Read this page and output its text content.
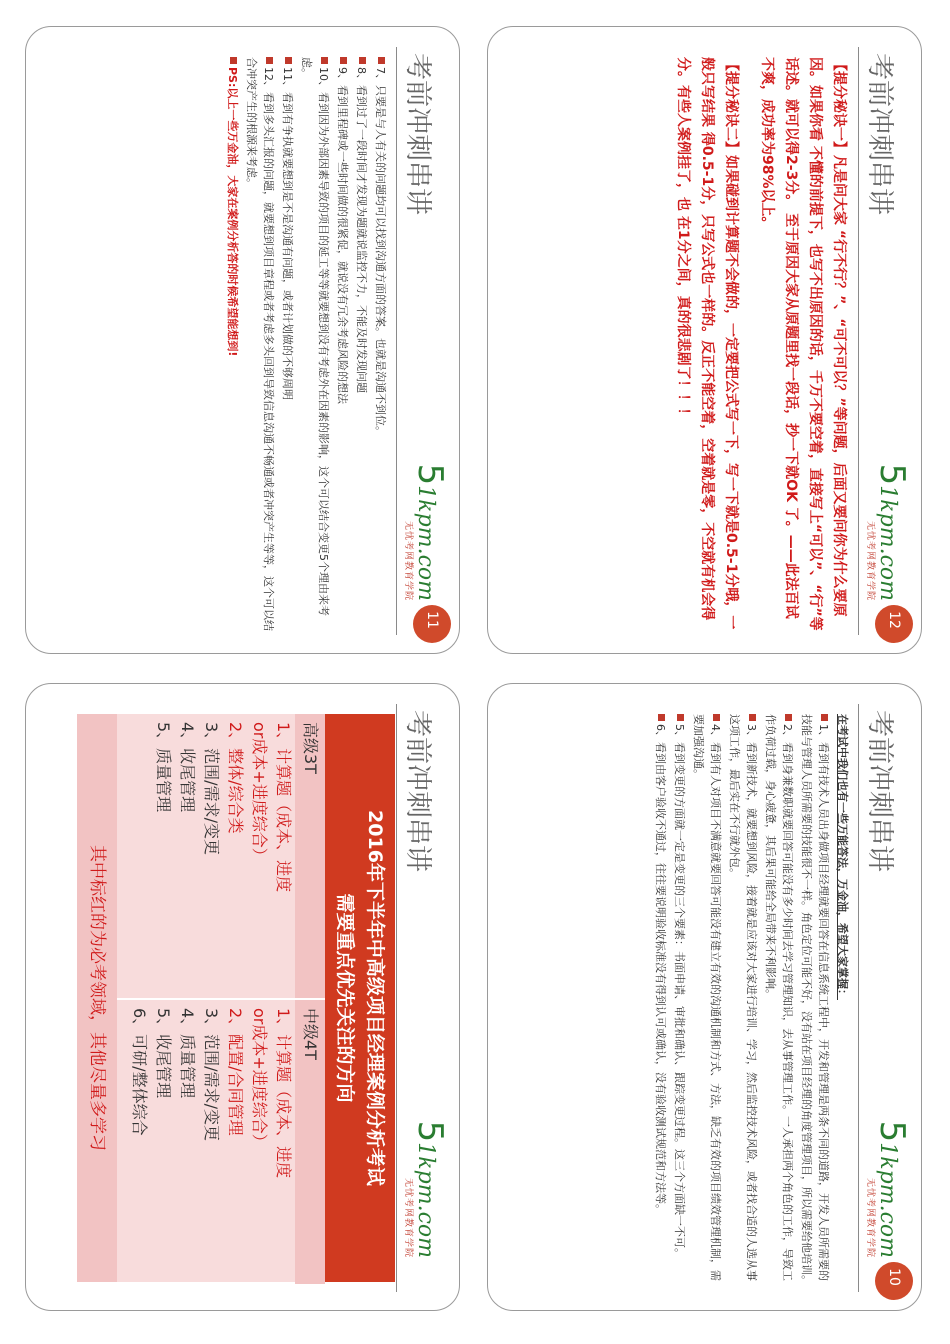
考前冲刺串讲
51kpm.com
无忧考网教育学院
11

7、只要是与人有关的问题均可以找到沟通方面的答案。也就是沟通不到位。

8、看到过了一段时间才发现为题就说监控不力，不能及时发现问题

9、看到里程碑或一些时间做的很紧促，就说没有冗余考虑风险的想法

10、看到因为外部因素导致的项目的延工等等就要想到没有考虑外在因素的影响，这个可以结合变更5个理由来考虑。

11、看到有争执就要想到是不是沟通有问题，或者计划做的不够周明

12、看到多头汇报的问题，就要想到项目章程或者考虑多头回到导致信息沟通不畅通或者冲突产生等等，这个可以结合冲突产生的根源来考虑。

PS:以上一些万金油，大家在案例分析答的时候希望能想到!	考前冲刺串讲
51kpm.com
无忧考网教育学院
12

【提分秘诀一】凡是问大家 “行不行？”、“可不可以？”等问题，后面又要问你为什么要原因。如果你看 不懂的前提下，也写不出原因的话，千万不要空着，直接写上“可以”、“行”等话述。就可以得2-3分。 至于原因大家从原题里找一段话，抄一下就OK 了。——此法百试不爽，成功率为98%以上。

【提分秘诀二】如果碰到计算题不会做的，一定要把公式写一下，写一下就是0.5-1分哦，一般只写结果 得0.5-1分，只写公式也一样的。反正不能空着，空着就是零，不空就有机会得分。有些人案例挂了，也 在1分之间，真的很悲剧了！！！

考前冲刺串讲
51kpm.com
无忧考网教育学院
2016年下半年中高级项目经理案例分析考试
需要重点优先关注的方向
高级3T
1、计算题（成本、进度
or成本+进度综合）
2、整体/综合类
3、范围/需求/变更
4、收尾管理
5、质量管理
中级4T
1、计算题（成本、进度
or成本+进度综合）
2、配置/合同管理
3、范围/需求/变更
4、质量管理
5、收尾管理
6、可研/整体综合
其中标红的为必考领域，其他尽量多学习
考前冲刺串讲
51kpm.com
无忧考网教育学院
10

在考试中我们也有一些万能答法，万金油，希望大家掌握：

1、看到有技术人员出身做项目经理就要回答在信息系统工程中，开发和管理是两条不同的道路，开发人员所需要的技能与管理人员所需要的技能很不一样。角色定位可能不好，没有站在项目经理的角度管理项目，所以需要给他培训。

2、看到身兼数职就要回答可能没有多少时间去学习管理知识，去从事管理工作。一人承担两个角色的工作，导致工作负荷过载，身心疲惫，其后果可能给全局带来不利影响。

3、看到新技术，就要想到风险，接着就是应该对大家进行培训、学习，然后监控技术风险，或者找合适的人选从事这项工作，最后实在不行就外包。

4、看到有人对项目不满意就要回答可能没有建立有效的沟通机制和方式、方法，缺乏有效的项目绩效管理机制，需要加强沟通。

5、看到变更的方面就一定是变更的三个要素：书面申请、审批和确认、跟踪变更过程。这三个方面缺一不可。

6、看到由客户验收不通过，往往要说明验收标准没有得到认可或确认，没有验收测试规范和方法等。
